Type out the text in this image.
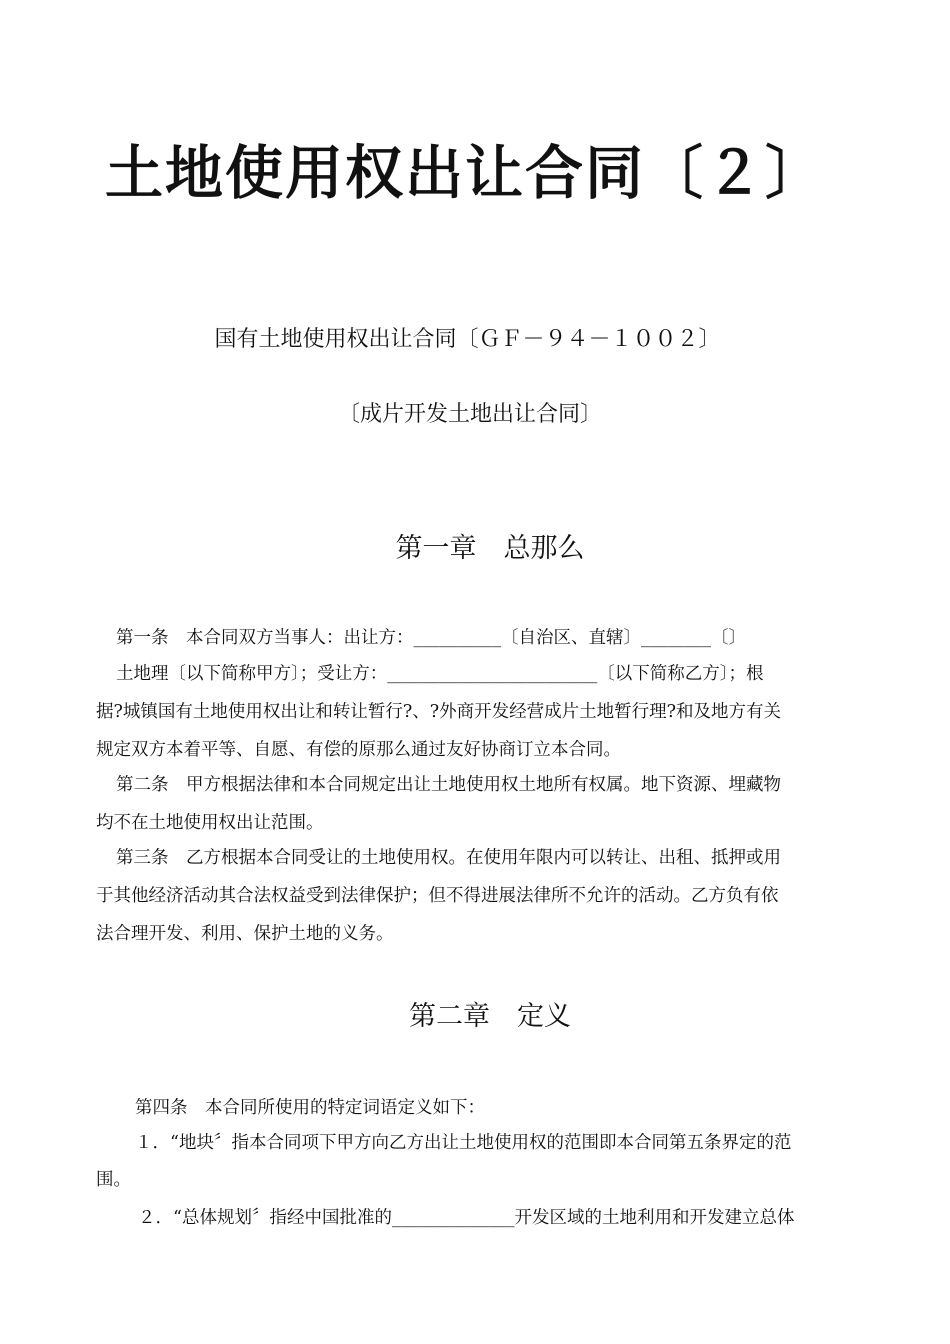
土地使用权出让合同〔２〕
国有土地使用权出让合同〔ＧＦ－９４－１００２〕
〔成片开发土地出让合同〕
第一章　总那么
第一条　本合同双方当事人：出让方：__________〔自治区、直辖〕________〔〕
土地理〔以下简称甲方〕；受让方：________________________〔以下简称乙方〕；根
据?城镇国有土地使用权出让和转让暂行?、?外商开发经营成片土地暂行理?和及地方有关
规定双方本着平等、自愿、有偿的原那么通过友好协商订立本合同。
第二条　甲方根据法律和本合同规定出让土地使用权土地所有权属。地下资源、埋藏物
均不在土地使用权出让范围。
第三条　乙方根据本合同受让的土地使用权。在使用年限内可以转让、出租、抵押或用
于其他经济活动其合法权益受到法律保护；但不得进展法律所不允许的活动。乙方负有依
法合理开发、利用、保护土地的义务。
第二章　定义
第四条　本合同所使用的特定词语定义如下：
１．“地块〞指本合同项下甲方向乙方出让土地使用权的范围即本合同第五条界定的范
围。
２．“总体规划〞指经中国批准的______________开发区域的土地利用和开发建立总体
